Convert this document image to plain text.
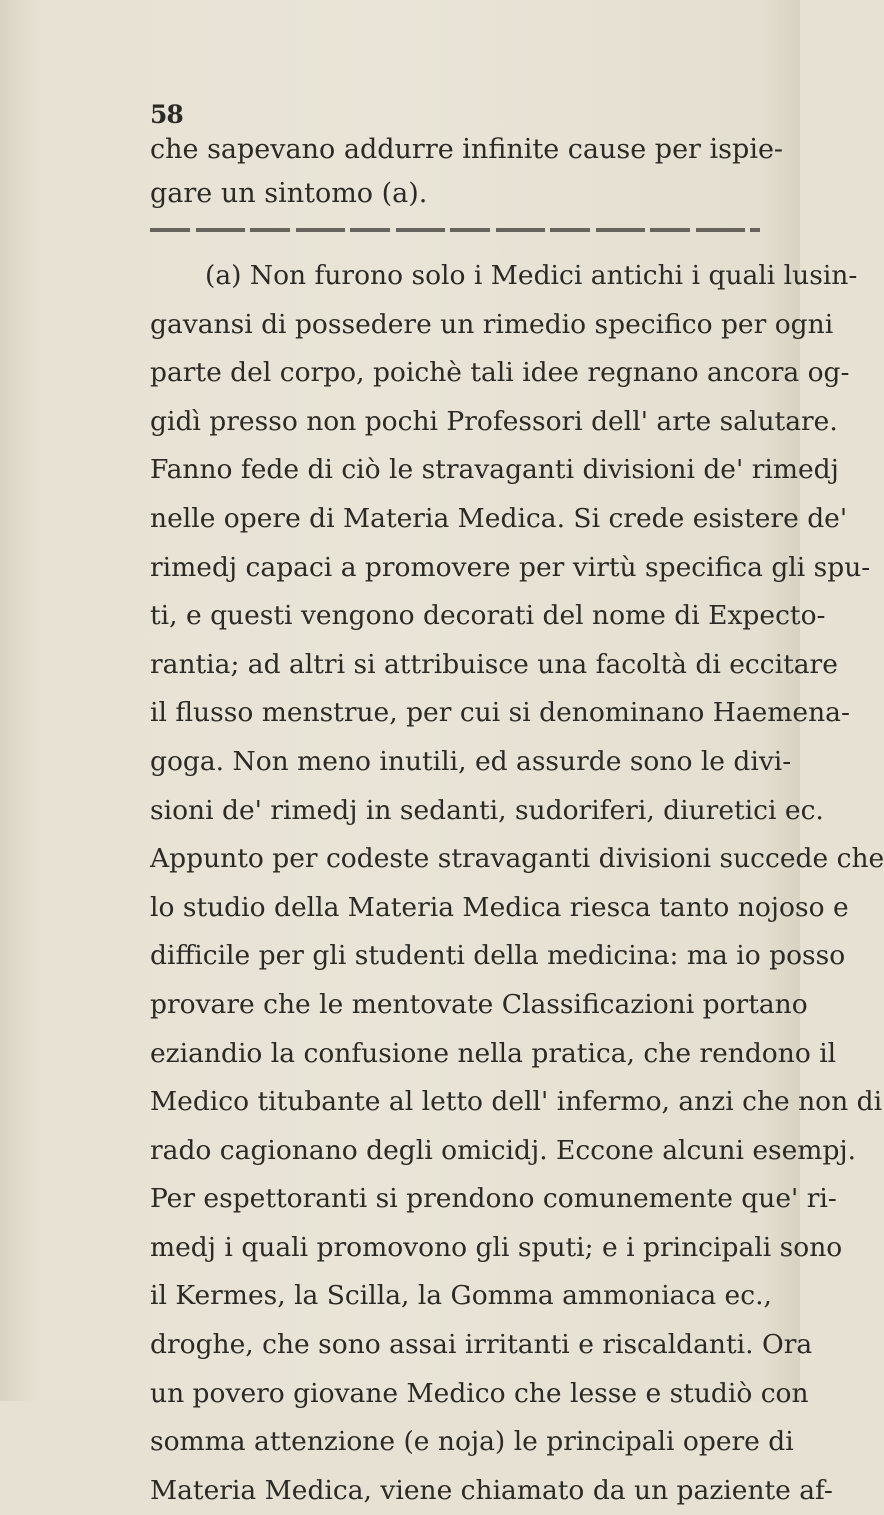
58
che sapevano addurre infinite cause per ispie-
gare un sintomo (a).
(a) Non furono solo i Medici antichi i quali lusin-
gavansi di possedere un rimedio specifico per ogni
parte del corpo, poichè tali idee regnano ancora og-
gidì presso non pochi Professori dell' arte salutare.
Fanno fede di ciò le stravaganti divisioni de' rimedj
nelle opere di Materia Medica. Si crede esistere de'
rimedj capaci a promovere per virtù specifica gli spu-
ti, e questi vengono decorati del nome di Expecto-
rantia; ad altri si attribuisce una facoltà di eccitare
il flusso menstrue, per cui si denominano Haemena-
goga. Non meno inutili, ed assurde sono le divi-
sioni de' rimedj in sedanti, sudoriferi, diuretici ec.
Appunto per codeste stravaganti divisioni succede che
lo studio della Materia Medica riesca tanto nojoso e
difficile per gli studenti della medicina: ma io posso
provare che le mentovate Classificazioni portano
eziandio la confusione nella pratica, che rendono il
Medico titubante al letto dell' infermo, anzi che non di
rado cagionano degli omicidj. Eccone alcuni esempj.
Per espettoranti si prendono comunemente que' ri-
medj i quali promovono gli sputi; e i principali sono
il Kermes, la Scilla, la Gomma ammoniaca ec.,
droghe, che sono assai irritanti e riscaldanti. Ora
un povero giovane Medico che lesse e studiò con
somma attenzione (e noja) le principali opere di
Materia Medica, viene chiamato da un paziente af-
